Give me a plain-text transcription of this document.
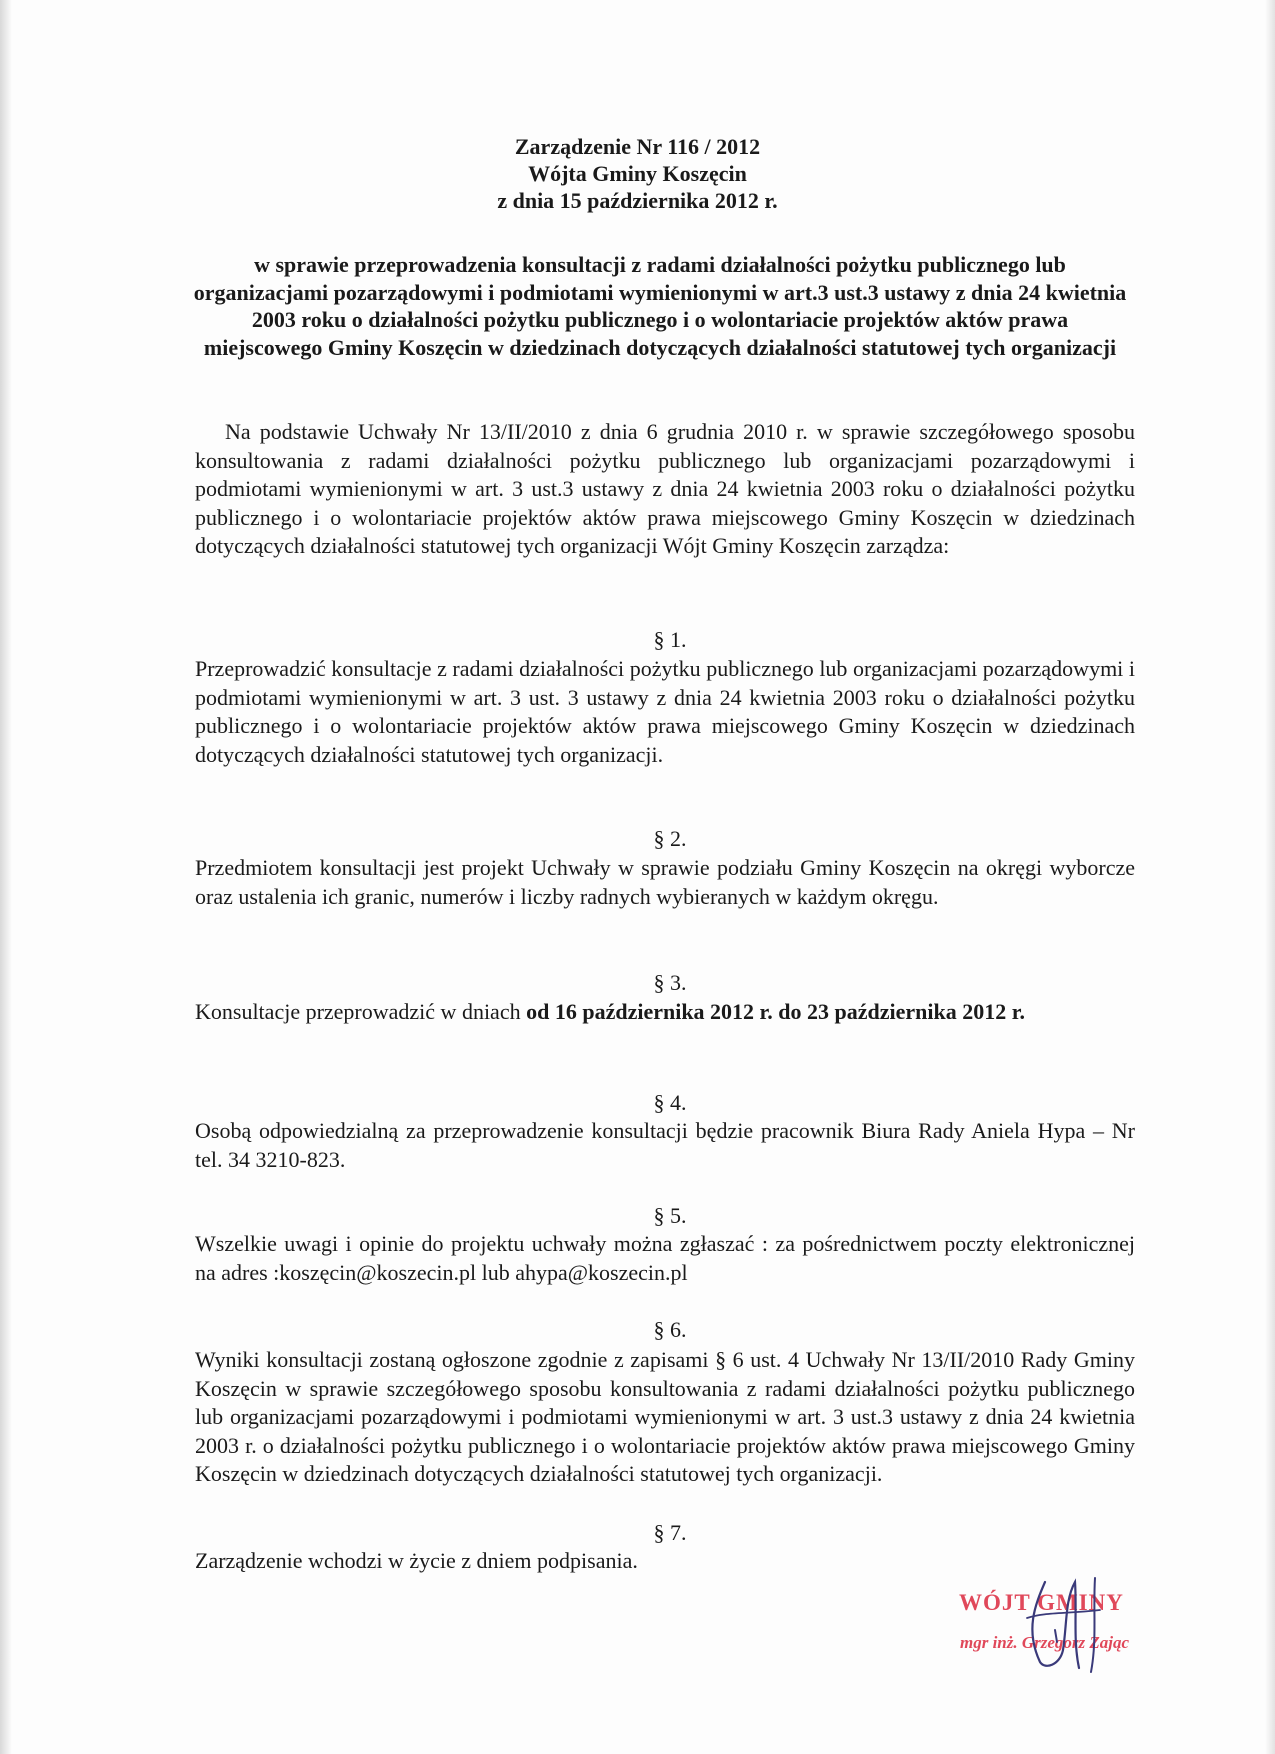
Zarządzenie Nr 116 / 2012
Wójta Gminy Koszęcin
z dnia 15 października 2012 r.
w sprawie przeprowadzenia konsultacji z radami działalności pożytku publicznego lub organizacjami pozarządowymi i podmiotami wymienionymi w art.3 ust.3 ustawy z dnia 24 kwietnia 2003 roku o działalności pożytku publicznego i o wolontariacie projektów aktów prawa miejscowego Gminy Koszęcin w dziedzinach dotyczących działalności statutowej tych organizacji
Na podstawie Uchwały Nr 13/II/2010 z dnia 6 grudnia 2010 r. w sprawie szczegółowego sposobu konsultowania z radami działalności pożytku publicznego lub organizacjami pozarządowymi i podmiotami wymienionymi w art. 3 ust.3 ustawy z dnia 24 kwietnia 2003 roku o działalności pożytku publicznego i o wolontariacie projektów aktów prawa miejscowego Gminy Koszęcin w dziedzinach dotyczących działalności statutowej tych organizacji Wójt Gminy Koszęcin zarządza:
§ 1.
Przeprowadzić konsultacje z radami działalności pożytku publicznego lub organizacjami pozarządowymi i podmiotami wymienionymi w art. 3 ust. 3 ustawy z dnia 24 kwietnia 2003 roku o działalności pożytku publicznego i o wolontariacie projektów aktów prawa miejscowego Gminy Koszęcin w dziedzinach dotyczących działalności statutowej tych organizacji.
§ 2.
Przedmiotem konsultacji jest projekt Uchwały w sprawie podziału Gminy Koszęcin na okręgi wyborcze oraz ustalenia ich granic, numerów i liczby radnych wybieranych w każdym okręgu.
§ 3.
Konsultacje przeprowadzić w dniach od 16 października 2012 r. do 23 października 2012 r.
§ 4.
Osobą odpowiedzialną za przeprowadzenie konsultacji będzie pracownik Biura Rady Aniela Hypa – Nr tel. 34 3210-823.
§ 5.
Wszelkie uwagi i opinie do projektu uchwały można zgłaszać : za pośrednictwem poczty elektronicznej na adres :koszęcin@koszecin.pl lub ahypa@koszecin.pl
§ 6.
Wyniki konsultacji zostaną ogłoszone zgodnie z zapisami § 6 ust. 4 Uchwały Nr 13/II/2010 Rady Gminy Koszęcin w sprawie szczegółowego sposobu konsultowania z radami działalności pożytku publicznego lub organizacjami pozarządowymi i podmiotami wymienionymi w art. 3 ust.3 ustawy z dnia 24 kwietnia 2003 r. o działalności pożytku publicznego i o wolontariacie projektów aktów prawa miejscowego Gminy Koszęcin w dziedzinach dotyczących działalności statutowej tych organizacji.
§ 7.
Zarządzenie wchodzi w życie z dniem podpisania.
WÓJT GMINY
mgr inż. Grzegorz Zając
